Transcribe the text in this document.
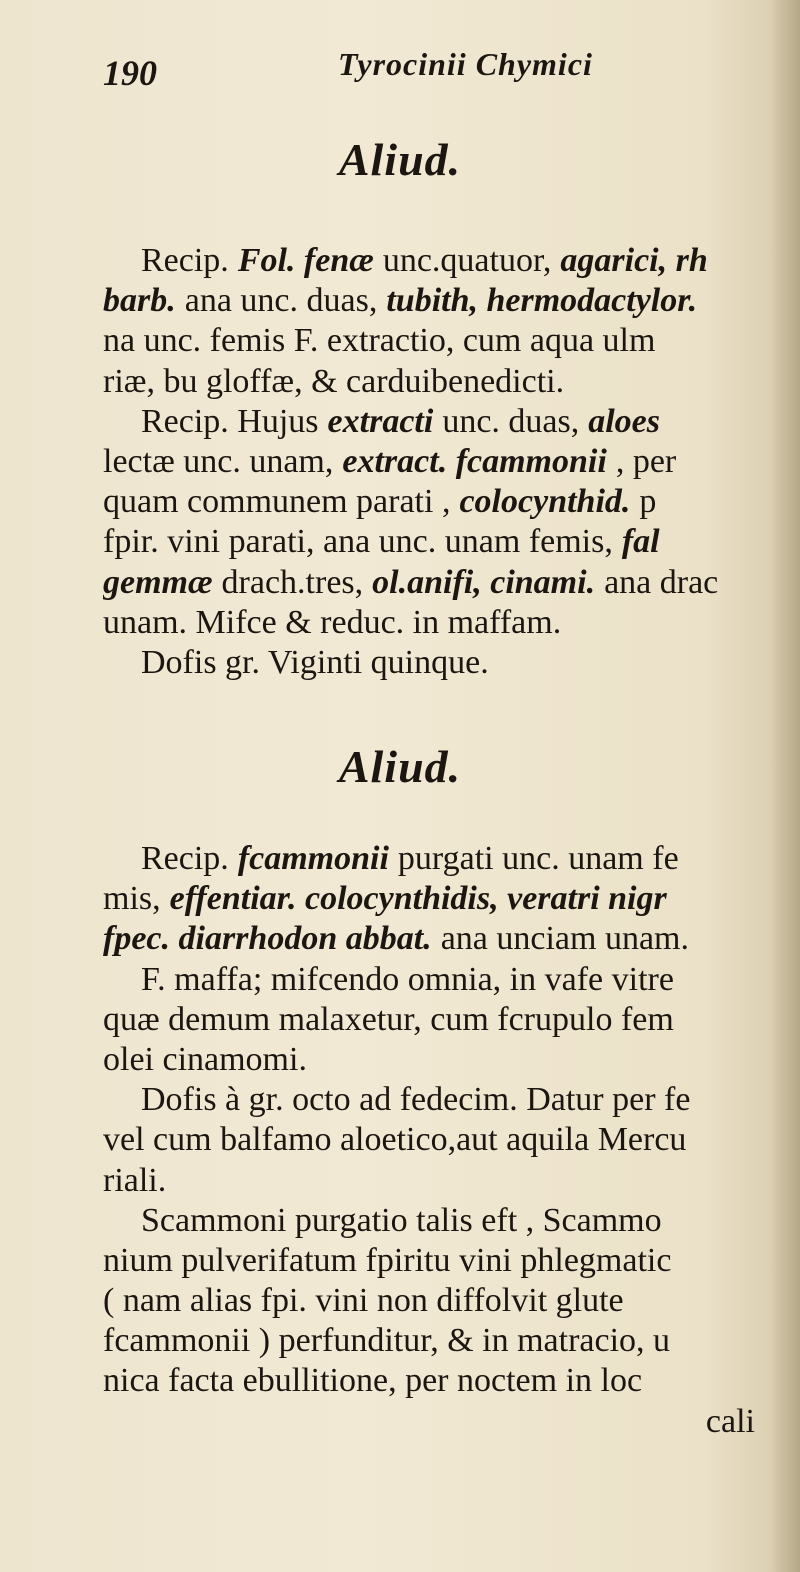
190	Tyrocinii Chymici
Aliud.
Recip. Fol. fenæ unc.quatuor, agarici, rh
barb. ana unc. duas, tubith, hermodactylor.
na unc. femis F. extractio, cum aqua ulm
riæ, bu gloffæ, & carduibenedicti.
Recip. Hujus extracti unc. duas, aloes
lectæ unc. unam, extract. fcammonii , per
quam communem parati , colocynthid. p
fpir. vini parati, ana unc. unam femis, fal
gemmæ drach.tres, ol.anifi, cinami. ana drac
unam. Mifce & reduc. in maffam.
Dofis gr. Viginti quinque.
Aliud.
Recip. fcammonii purgati unc. unam fe
mis, effentiar. colocynthidis, veratri nigr
fpec. diarrhodon abbat. ana unciam unam.
F. maffa; mifcendo omnia, in vafe vitre
quæ demum malaxetur, cum fcrupulo fem
olei cinamomi.
Dofis à gr. octo ad fedecim. Datur per fe
vel cum balfamo aloetico,aut aquila Mercu
riali.
Scammoni purgatio talis eft , Scammo
nium pulverifatum fpiritu vini phlegmatic
( nam alias fpi. vini non diffolvit glute
fcammonii ) perfunditur, & in matracio, u
nica facta ebullitione, per noctem in loc
cali
